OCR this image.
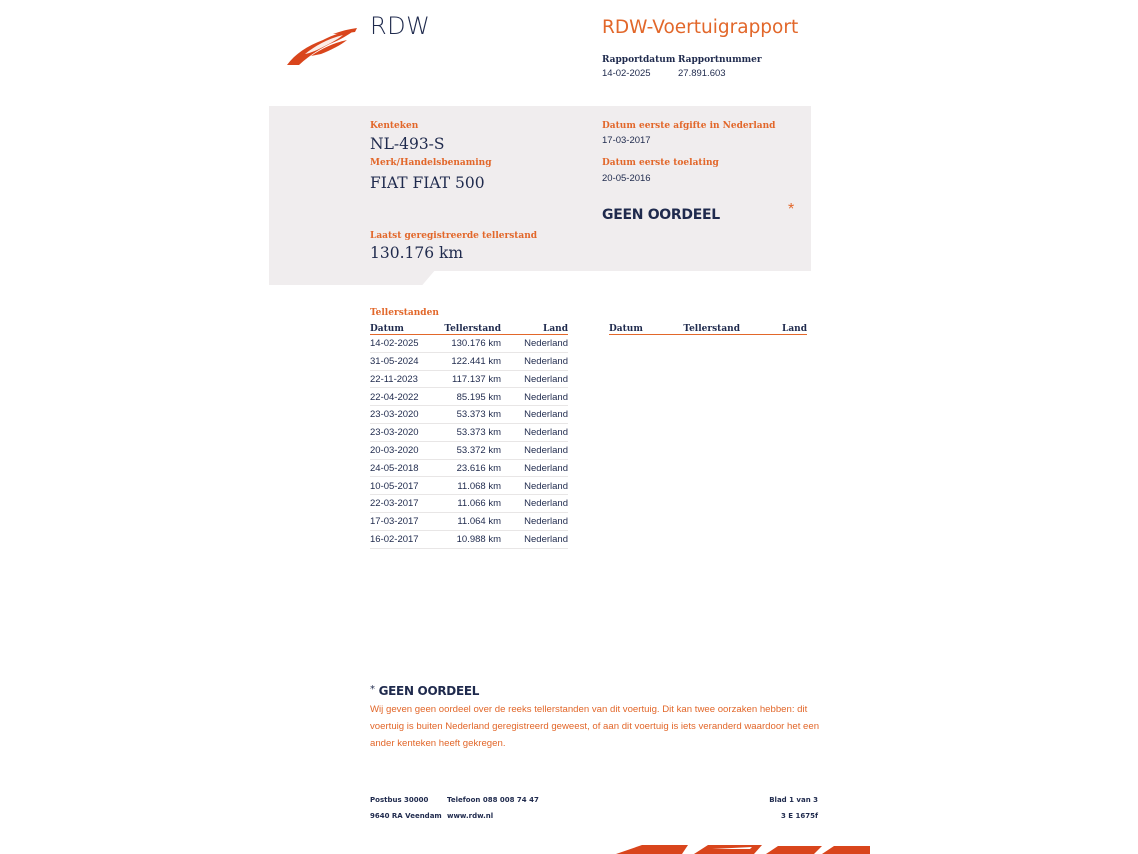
RDW	RDW-Voertuigrapport
Rapportdatum
14-02-2025
Rapportnummer
27.891.603
Kenteken
NL-493-S
Merk/Handelsbenaming
FIAT FIAT 500
Datum eerste afgifte in Nederland
17-03-2017
Datum eerste toelating
20-05-2016
GEEN OORDEEL	*
Laatst geregistreerde tellerstand
130.176 km
Tellerstanden
Datum	Tellerstand	Land
14-02-2025	130.176 km	Nederland
31-05-2024	122.441 km	Nederland
22-11-2023	117.137 km	Nederland
22-04-2022	85.195 km	Nederland
23-03-2020	53.373 km	Nederland
23-03-2020	53.373 km	Nederland
20-03-2020	53.372 km	Nederland
24-05-2018	23.616 km	Nederland
10-05-2017	11.068 km	Nederland
22-03-2017	11.066 km	Nederland
17-03-2017	11.064 km	Nederland
16-02-2017	10.988 km	Nederland
Datum	Tellerstand	Land
* GEEN OORDEEL
Wij geven geen oordeel over de reeks tellerstanden van dit voertuig. Dit kan twee oorzaken hebben: dit voertuig is buiten Nederland geregistreerd geweest, of aan dit voertuig is iets veranderd waardoor het een ander kenteken heeft gekregen.
Postbus 30000
9640 RA Veendam
Telefoon 088 008 74 47
www.rdw.nl
Blad 1 van 3
3 E 1675f
